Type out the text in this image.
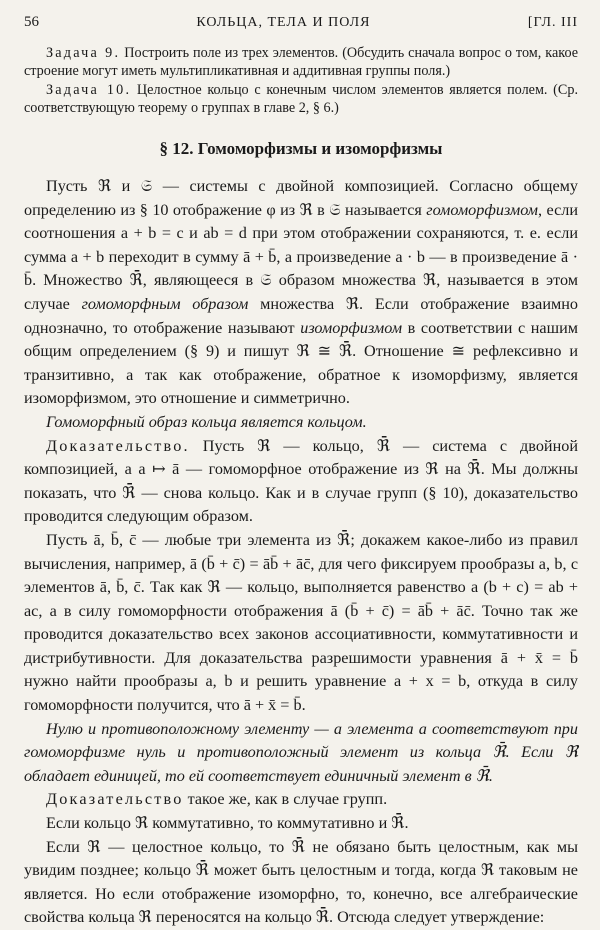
56	КОЛЬЦА, ТЕЛА И ПОЛЯ	[ГЛ. III

Задача 9. Построить поле из трех элементов. (Обсудить сначала вопрос о том, какое строение могут иметь мультипликативная и аддитивная группы поля.)

Задача 10. Целостное кольцо с конечным числом элементов является полем. (Ср. соответствующую теорему о группах в главе 2, § 6.)

§ 12. Гомоморфизмы и изоморфизмы

Пусть ℜ и 𝔖 — системы с двойной композицией. Согласно общему определению из § 10 отображение φ из ℜ в 𝔖 называется гомоморфизмом, если соотношения a + b = c и ab = d при этом отображении сохраняются, т. е. если сумма a + b переходит в сумму ā + b̄, а произведение a · b — в произведение ā · b̄. Множество ℜ̄, являющееся в 𝔖 образом множества ℜ, называется в этом случае гомоморфным образом множества ℜ. Если отображение взаимно однозначно, то отображение называют изоморфизмом в соответствии с нашим общим определением (§ 9) и пишут ℜ ≅ ℜ̄. Отношение ≅ рефлексивно и транзитивно, а так как отображение, обратное к изоморфизму, является изоморфизмом, это отношение и симметрично.

Гомоморфный образ кольца является кольцом.

Доказательство. Пусть ℜ — кольцо, ℜ̄ — система с двойной композицией, а a ↦ ā — гомоморфное отображение из ℜ на ℜ̄. Мы должны показать, что ℜ̄ — снова кольцо. Как и в случае групп (§ 10), доказательство проводится следующим образом.

Пусть ā, b̄, c̄ — любые три элемента из ℜ̄; докажем какое-либо из правил вычисления, например, ā (b̄ + c̄) = āb̄ + āc̄, для чего фиксируем прообразы a, b, c элементов ā, b̄, c̄. Так как ℜ — кольцо, выполняется равенство a (b + c) = ab + ac, а в силу гомоморфности отображения ā (b̄ + c̄) = āb̄ + āc̄. Точно так же проводится доказательство всех законов ассоциативности, коммутативности и дистрибутивности. Для доказательства разрешимости уравнения ā + x̄ = b̄ нужно найти прообразы a, b и решить уравнение a + x = b, откуда в силу гомоморфности получится, что ā + x̄ = b̄.

Нулю и противоположному элементу — a элемента a соответствуют при гомоморфизме нуль и противоположный элемент из кольца ℜ̄. Если ℜ обладает единицей, то ей соответствует единичный элемент в ℜ̄.

Доказательство такое же, как в случае групп.

Если кольцо ℜ коммутативно, то коммутативно и ℜ̄.

Если ℜ — целостное кольцо, то ℜ̄ не обязано быть целостным, как мы увидим позднее; кольцо ℜ̄ может быть целостным и тогда, когда ℜ таковым не является. Но если отображение изоморфно, то, конечно, все алгебраические свойства кольца ℜ переносятся на кольцо ℜ̄. Отсюда следует утверждение:
